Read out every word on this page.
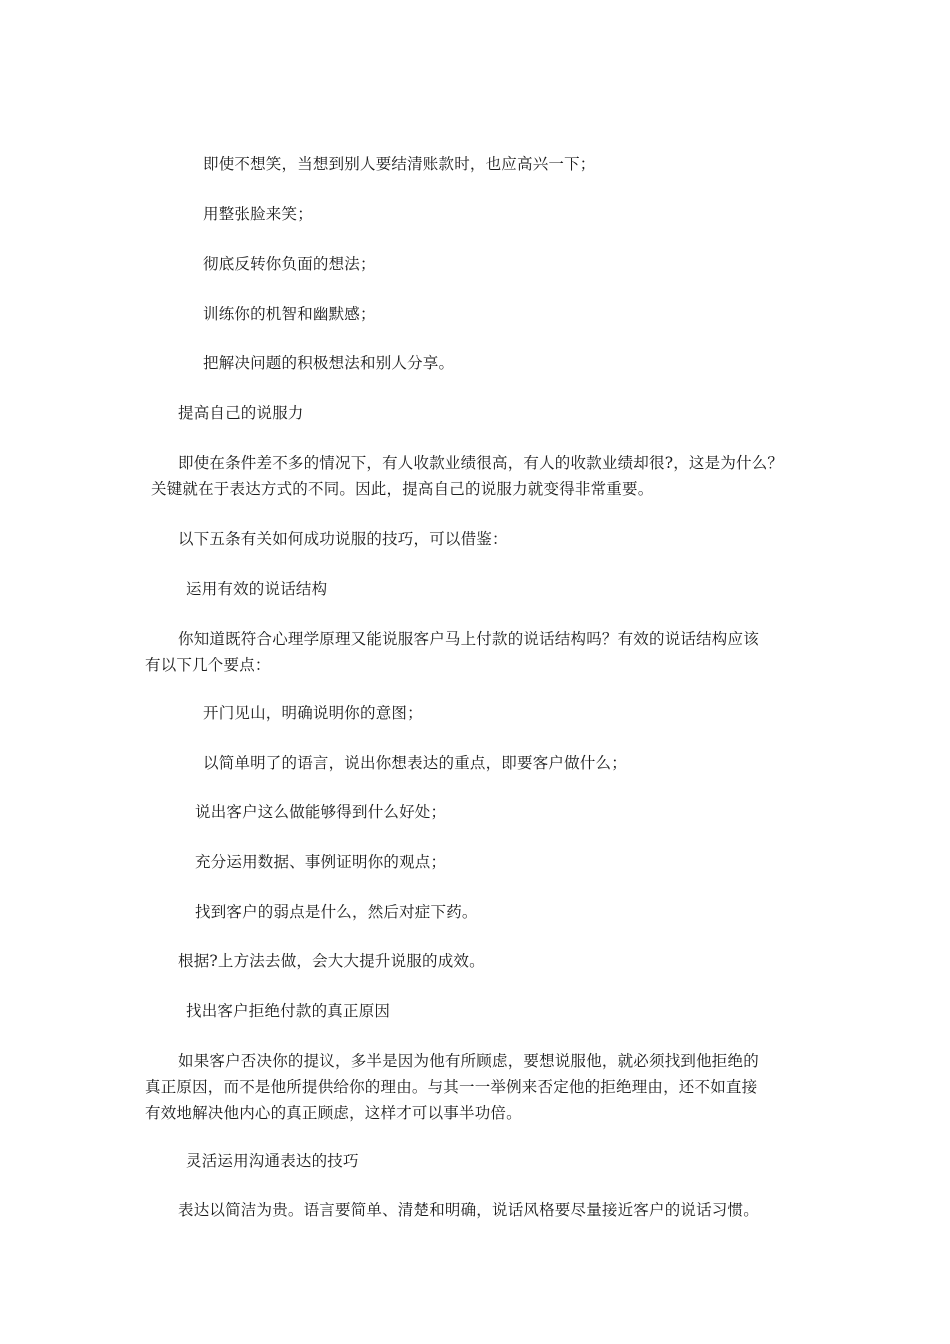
即使不想笑，当想到别人要结清账款时，也应高兴一下；
用整张脸来笑；
彻底反转你负面的想法；
训练你的机智和幽默感；
把解决问题的积极想法和别人分享。
提高自己的说服力
即使在条件差不多的情况下，有人收款业绩很高，有人的收款业绩却很?，这是为什么？
关键就在于表达方式的不同。因此，提高自己的说服力就变得非常重要。
以下五条有关如何成功说服的技巧，可以借鉴：
运用有效的说话结构
你知道既符合心理学原理又能说服客户马上付款的说话结构吗？有效的说话结构应该
有以下几个要点：
开门见山，明确说明你的意图；
以简单明了的语言，说出你想表达的重点，即要客户做什么；
说出客户这么做能够得到什么好处；
充分运用数据、事例证明你的观点；
找到客户的弱点是什么，然后对症下药。
根据?上方法去做，会大大提升说服的成效。
找出客户拒绝付款的真正原因
如果客户否决你的提议，多半是因为他有所顾虑，要想说服他，就必须找到他拒绝的
真正原因，而不是他所提供给你的理由。与其一一举例来否定他的拒绝理由，还不如直接
有效地解决他内心的真正顾虑，这样才可以事半功倍。
灵活运用沟通表达的技巧
表达以简洁为贵。语言要简单、清楚和明确，说话风格要尽量接近客户的说话习惯。
